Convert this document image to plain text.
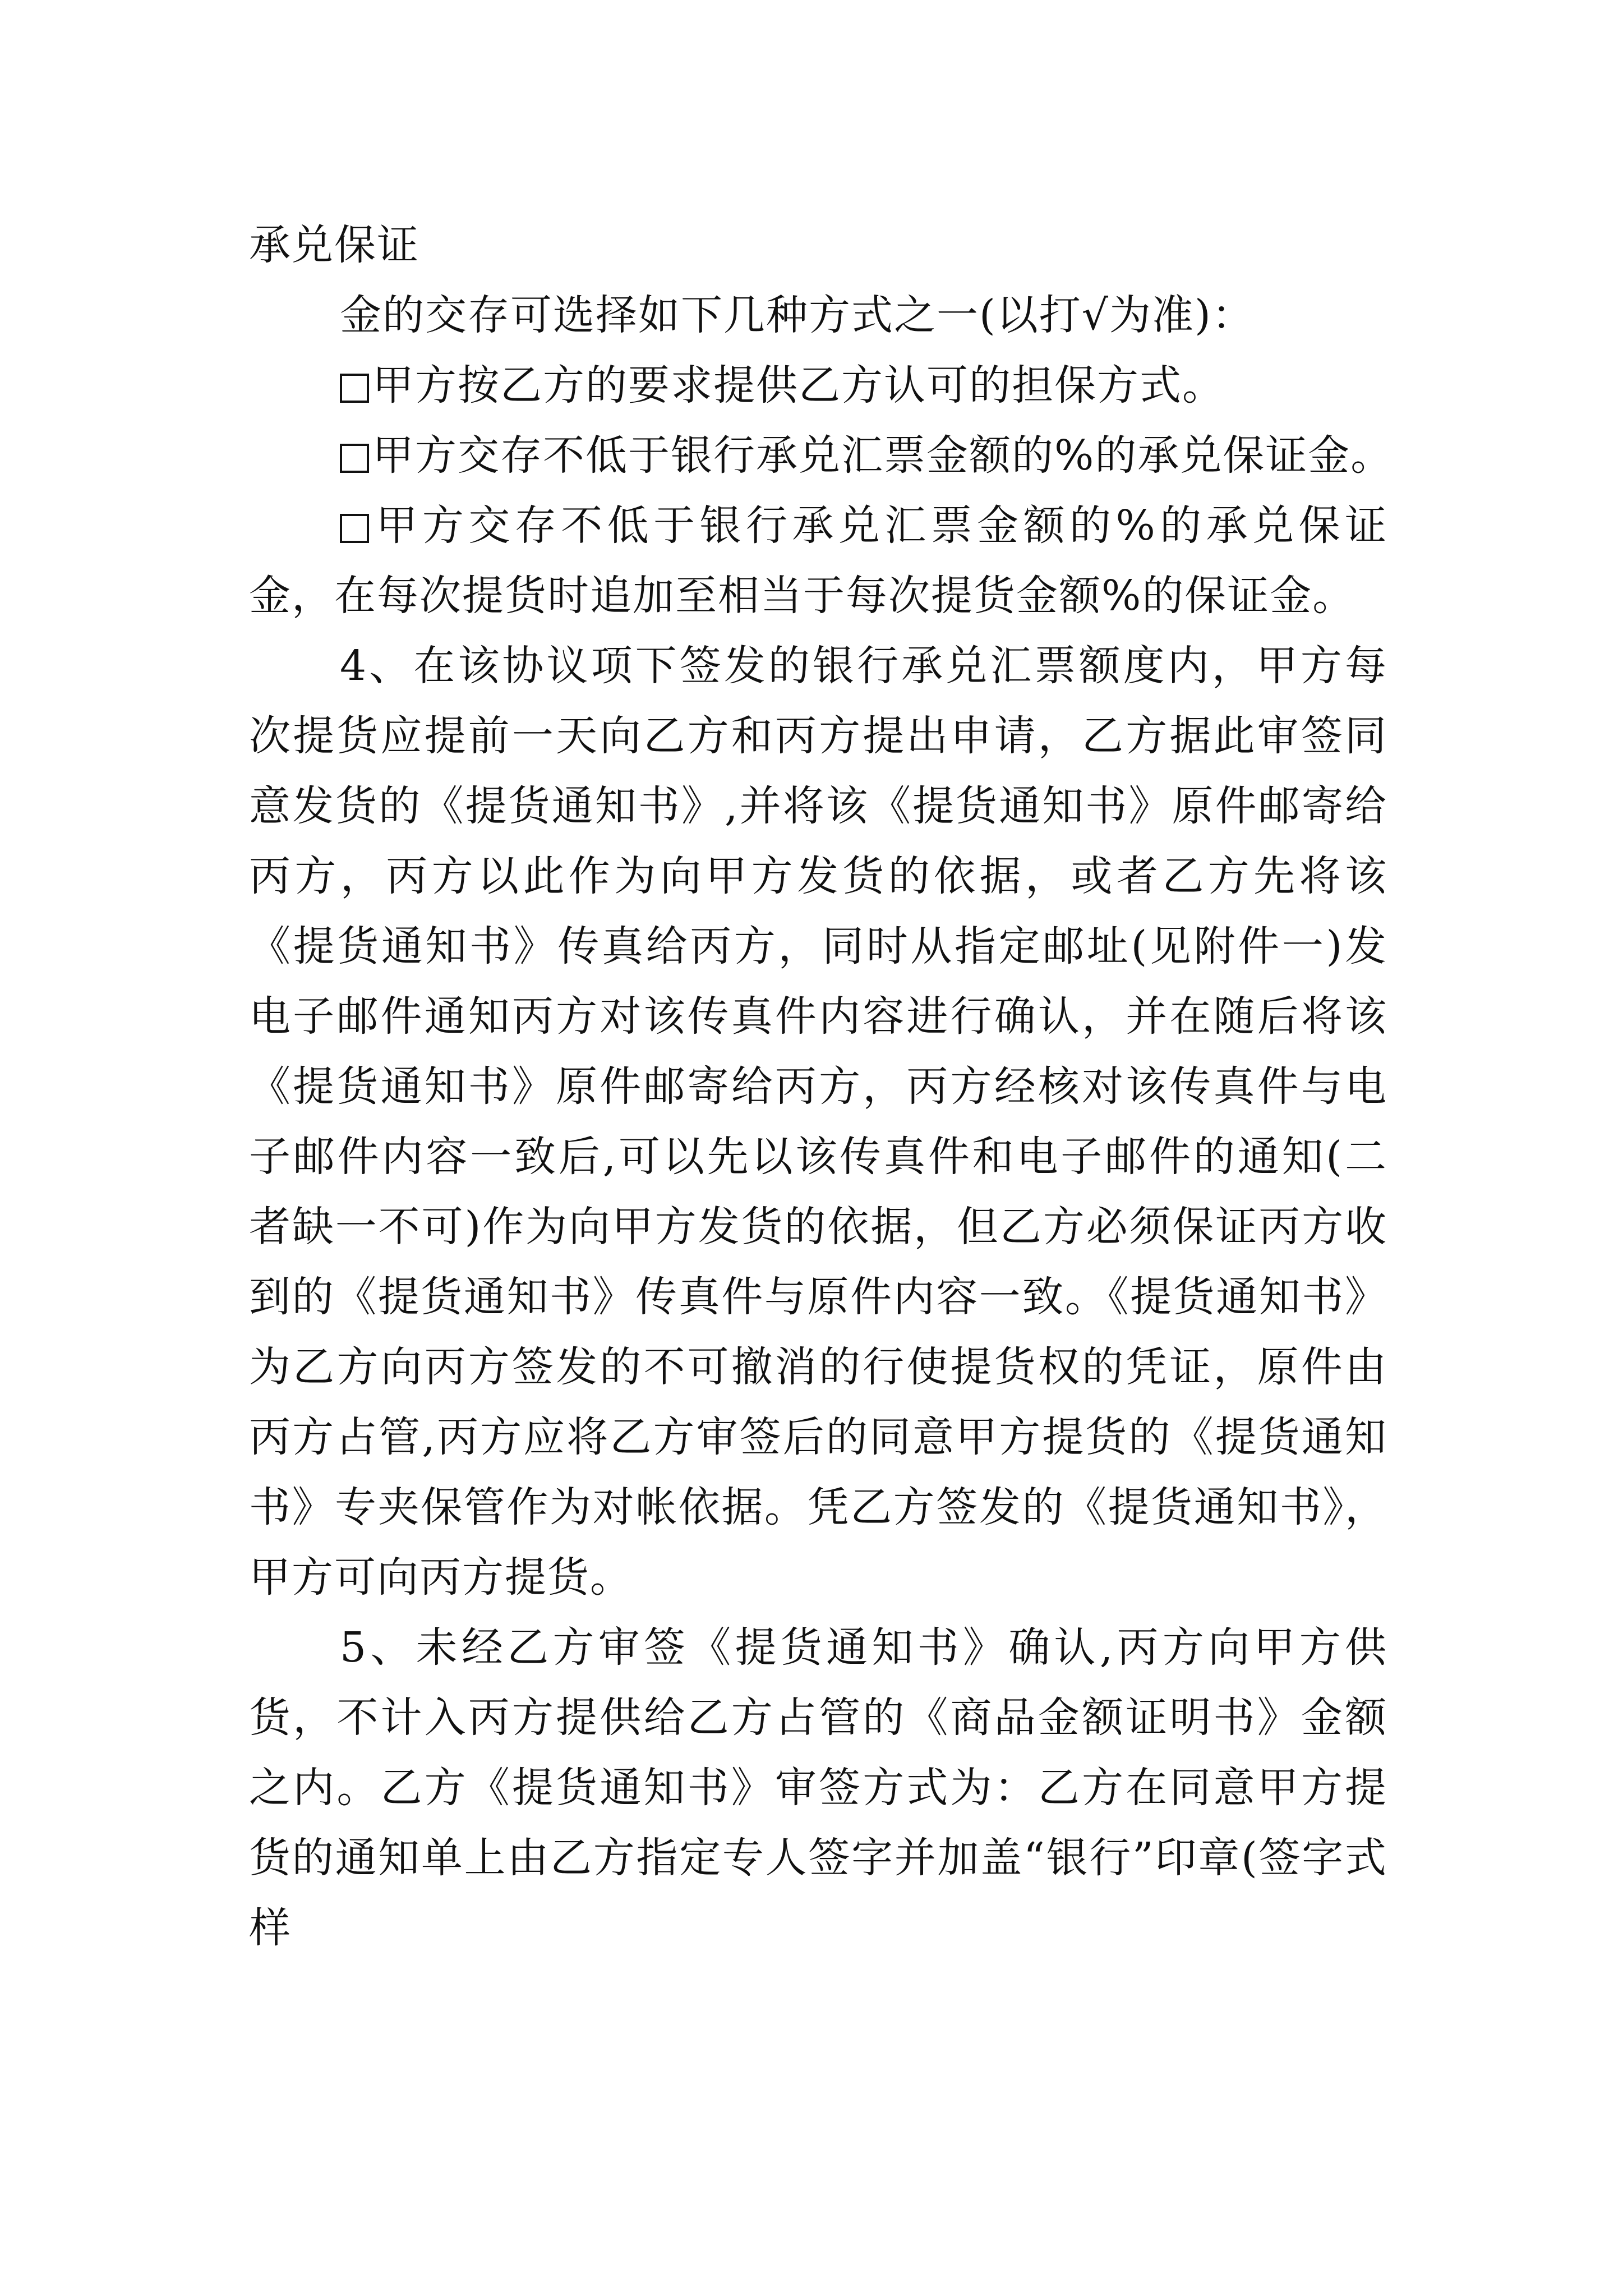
承兑保证

金的交存可选择如下几种方式之一(以打√为准)：

甲方按乙方的要求提供乙方认可的担保方式。

甲方交存不低于银行承兑汇票金额的%的承兑保证金。

甲方交存不低于银行承兑汇票金额的%的承兑保证金，在每次提货时追加至相当于每次提货金额%的保证金。

4、在该协议项下签发的银行承兑汇票额度内，甲方每次提货应提前一天向乙方和丙方提出申请，乙方据此审签同意发货的《提货通知书》,并将该《提货通知书》原件邮寄给丙方，丙方以此作为向甲方发货的依据，或者乙方先将该《提货通知书》传真给丙方，同时从指定邮址(见附件一)发电子邮件通知丙方对该传真件内容进行确认，并在随后将该《提货通知书》原件邮寄给丙方，丙方经核对该传真件与电子邮件内容一致后,可以先以该传真件和电子邮件的通知(二者缺一不可)作为向甲方发货的依据，但乙方必须保证丙方收到的《提货通知书》传真件与原件内容一致。《提货通知书》为乙方向丙方签发的不可撤消的行使提货权的凭证，原件由丙方占管,丙方应将乙方审签后的同意甲方提货的《提货通知书》专夹保管作为对帐依据。凭乙方签发的《提货通知书》，甲方可向丙方提货。

5、未经乙方审签《提货通知书》确认,丙方向甲方供货，不计入丙方提供给乙方占管的《商品金额证明书》金额之内。乙方《提货通知书》审签方式为：乙方在同意甲方提货的通知单上由乙方指定专人签字并加盖“银行”印章(签字式样
